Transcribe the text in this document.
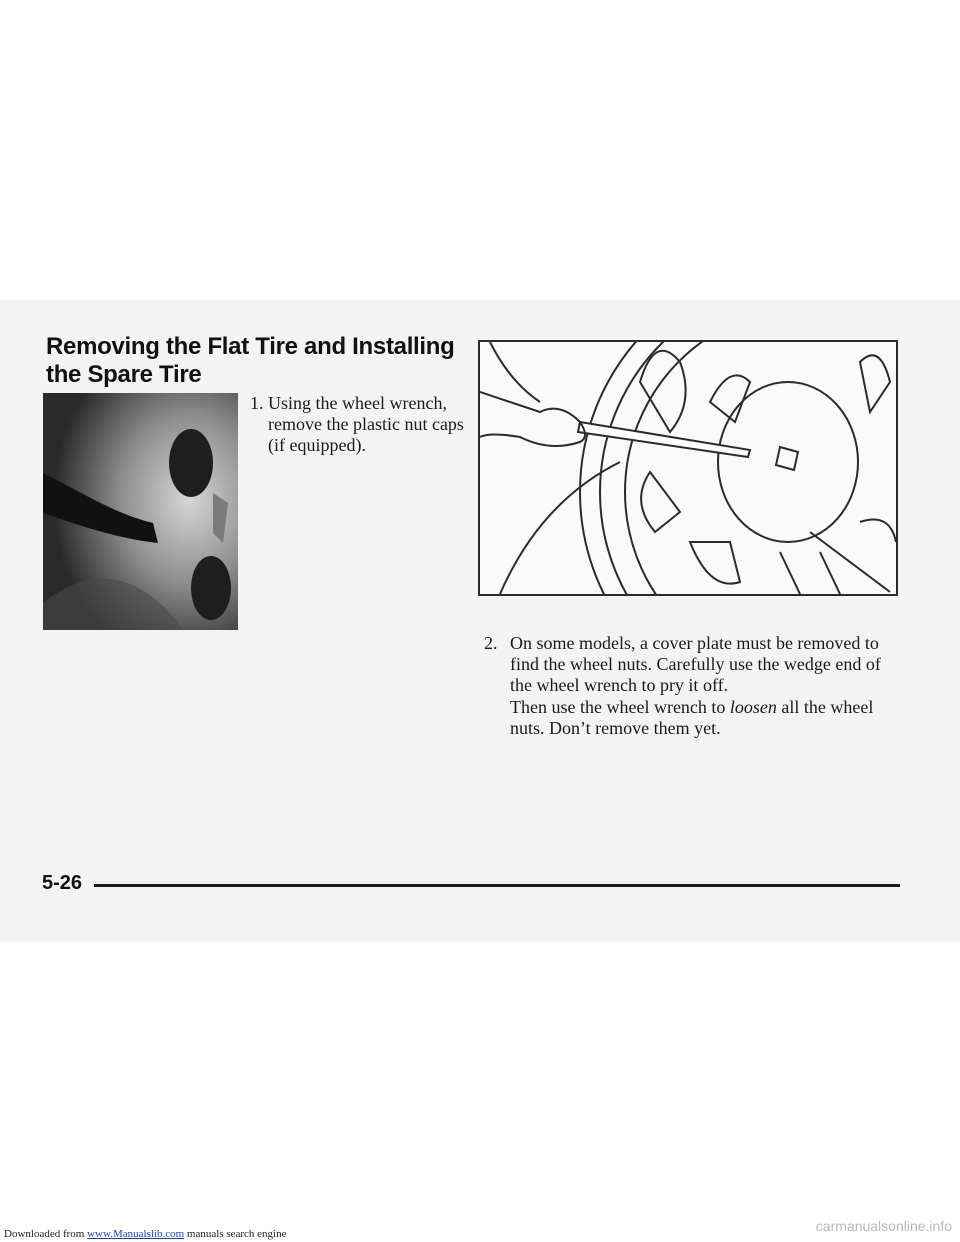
Removing the Flat Tire and Installing the Spare Tire
1. Using the wheel wrench, remove the plastic nut caps (if equipped).
2. On some models, a cover plate must be removed to find the wheel nuts. Carefully use the wedge end of the wheel wrench to pry it off.

Then use the wheel wrench to loosen all the wheel nuts. Don’t remove them yet.

5-26
Downloaded from www.Manualslib.com manuals search engine	carmanualsonline.info
